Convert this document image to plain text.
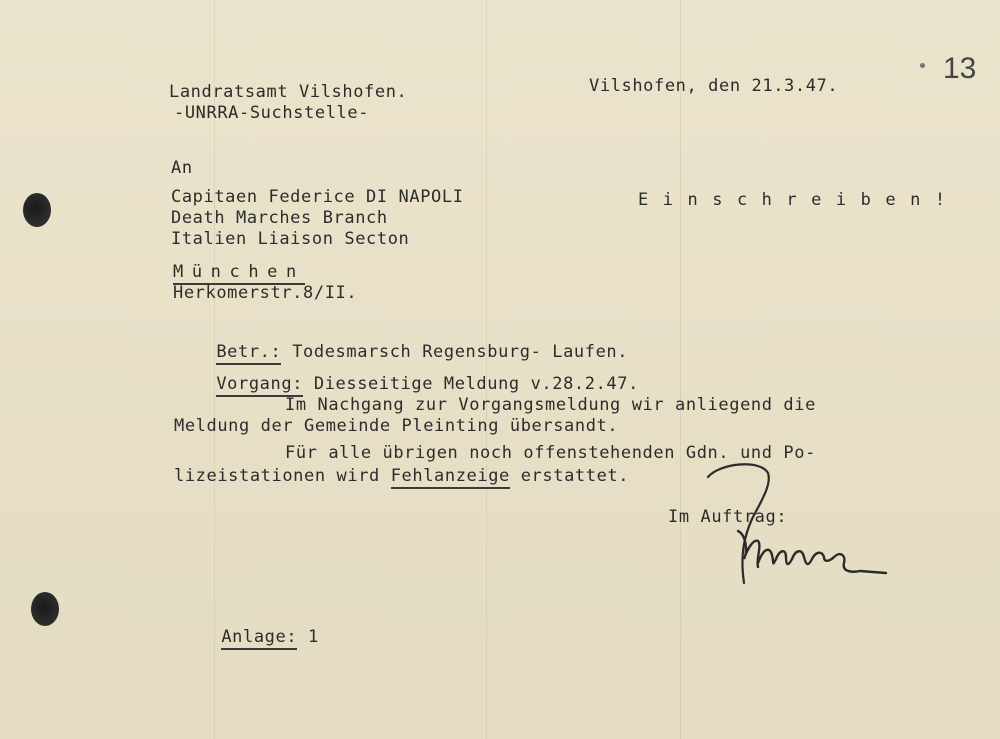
13
Landratsamt Vilshofen.
-UNRRA-Suchstelle-
Vilshofen, den 21.3.47.
An
Capitaen Federice DI NAPOLI
Death Marches Branch
Italien Liaison Secton
Einschreiben!
München
Herkomerstr.8/II.

Betr.: Todesmarsch Regensburg- Laufen.

Vorgang: Diesseitige Meldung v.28.2.47.

Im Nachgang zur Vorgangsmeldung wir anliegend die
Meldung der Gemeinde Pleinting übersandt.
Für alle übrigen noch offenstehenden Gdn. und Po-
lizeistationen wird Fehlanzeige erstattet.
Im Auftrag:

Anlage: 1
